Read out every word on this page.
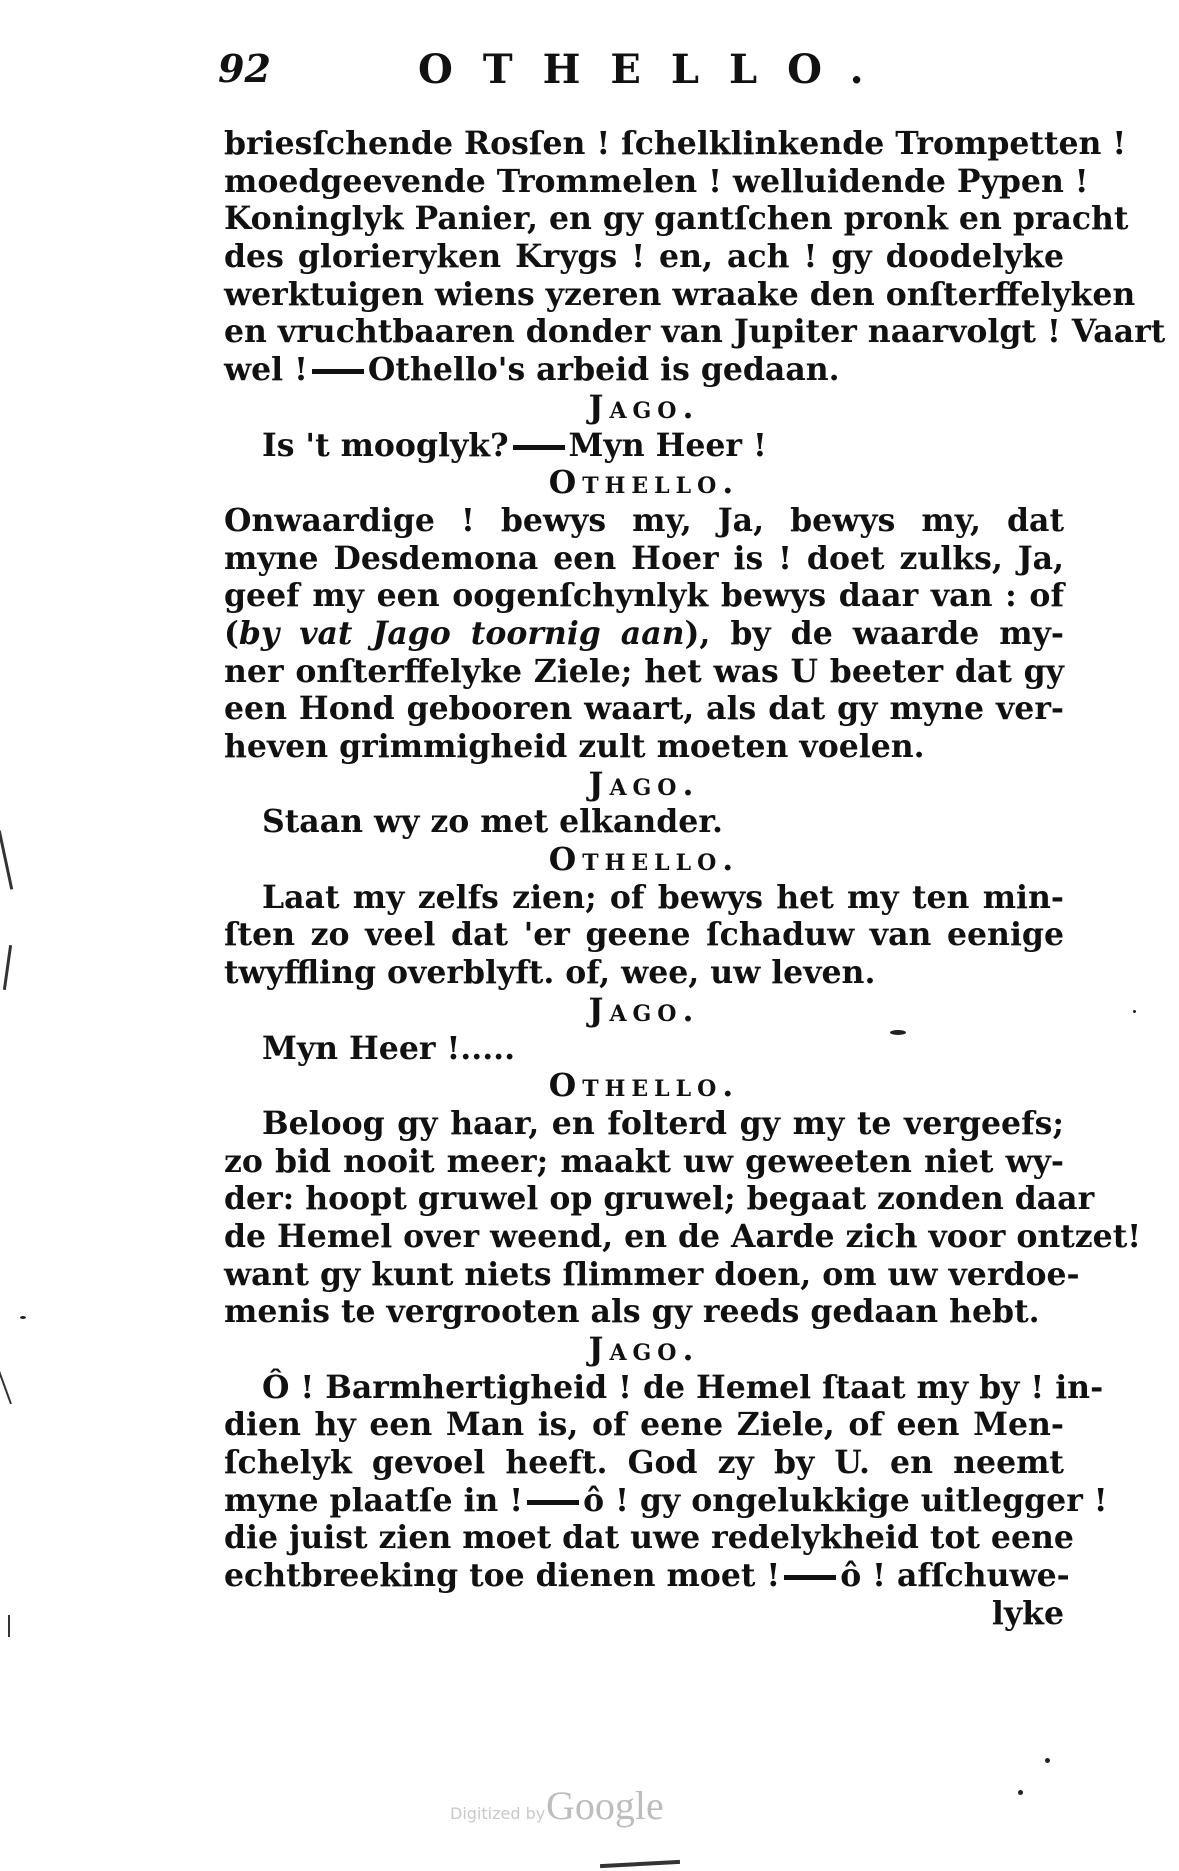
92	OTHELLO.
briesſchende Rosſen ! ſchelklinkende Trompetten !
moedgeevende Trommelen ! welluidende Pypen !
Koninglyk Panier, en gy gantſchen pronk en pracht
des glorieryken Krygs ! en, ach ! gy doodelyke
werktuigen wiens yzeren wraake den onſterffelyken
en vruchtbaaren donder van Jupiter naarvolgt ! Vaart
wel ! Othello's arbeid is gedaan.
Jago.
Is 't mooglyk? Myn Heer !
Othello.
Onwaardige ! bewys my, Ja, bewys my, dat
myne Desdemona een Hoer is ! doet zulks, Ja,
geef my een oogenſchynlyk bewys daar van : of
(by vat Jago toornig aan), by de waarde my-
ner onſterffelyke Ziele; het was U beeter dat gy
een Hond gebooren waart, als dat gy myne ver-
heven grimmigheid zult moeten voelen.
Jago.
Staan wy zo met elkander.
Othello.
Laat my zelfs zien; of bewys het my ten min-
ſten zo veel dat 'er geene ſchaduw van eenige
twyffling overblyft. of, wee, uw leven.
Jago.
Myn Heer !.....
Othello.
Beloog gy haar, en folterd gy my te vergeefs;
zo bid nooit meer; maakt uw geweeten niet wy-
der: hoopt gruwel op gruwel; begaat zonden daar
de Hemel over weend, en de Aarde zich voor ontzet!
want gy kunt niets ſlimmer doen, om uw verdoe-
menis te vergrooten als gy reeds gedaan hebt.
Jago.
Ô ! Barmhertigheid ! de Hemel ſtaat my by ! in-
dien hy een Man is, of eene Ziele, of een Men-
ſchelyk gevoel heeft. God zy by U. en neemt
myne plaatſe in ! ô ! gy ongelukkige uitlegger !
die juist zien moet dat uwe redelykheid tot eene
echtbreeking toe dienen moet ! ô ! afſchuwe-
lyke
Digitized by Google
